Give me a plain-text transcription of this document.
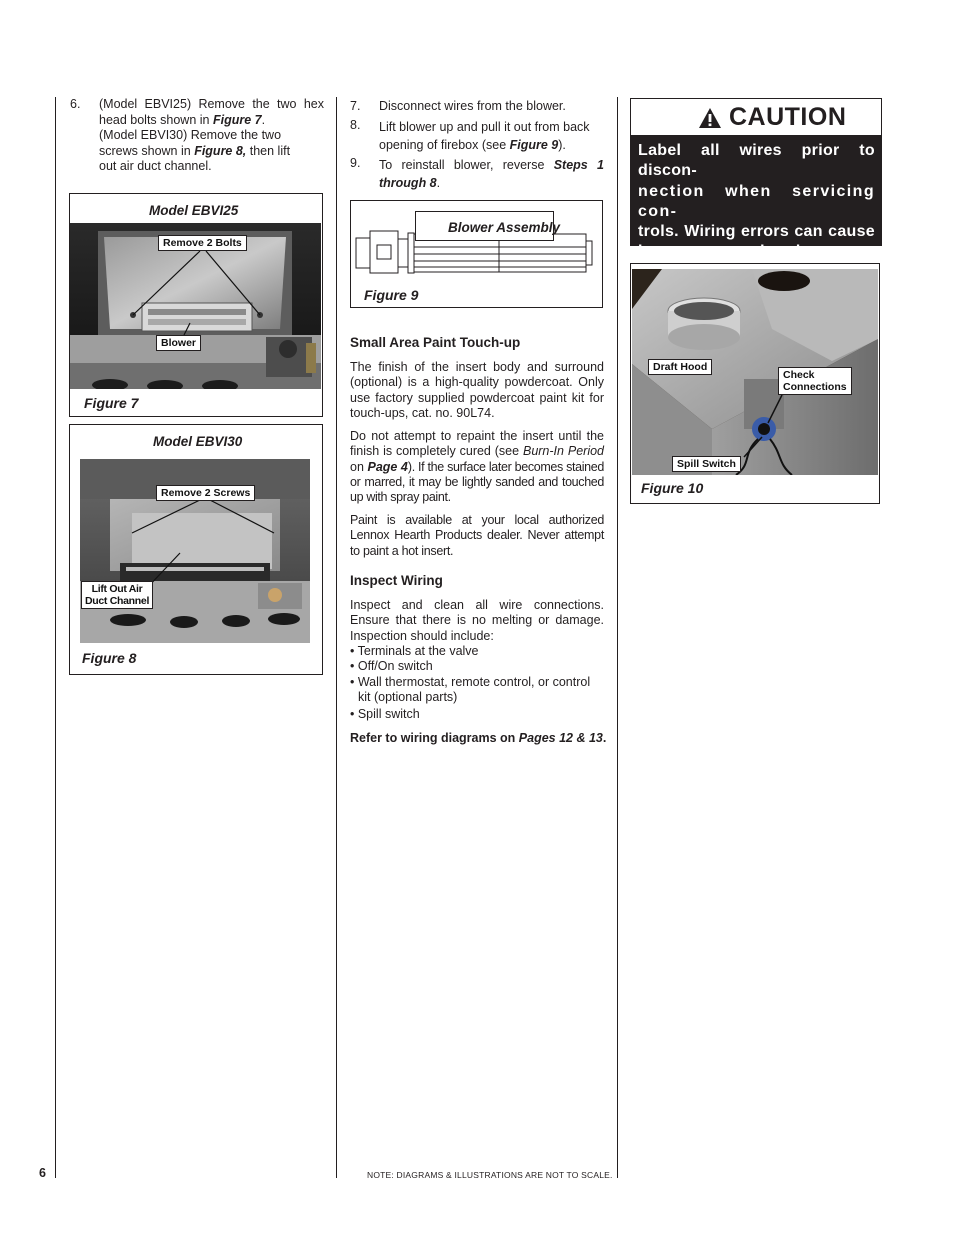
6. (Model EBVI25) Remove the two hex
head bolts shown in Figure 7.
(Model EBVI30) Remove the two
screws shown in Figure 8, then lift
out air duct channel.
Model EBVI25
Remove 2 Bolts
Blower
Figure 7
Model EBVI30
Remove 2 Screws
Lift Out Air
Duct Channel
Figure 8
7. Disconnect wires from the blower.
8. Lift blower up and pull it out from back
opening of firebox (see Figure 9).
9. To reinstall blower, reverse Steps 1
through 8.
Blower Assembly
Figure 9
Small Area Paint Touch-up
The finish of the insert body and surround (optional) is a high-quality powdercoat. Only use factory supplied powdercoat paint kit for touch-ups, cat. no. 90L74.
Do not attempt to repaint the insert until the finish is completely cured (see Burn-In Period on Page 4). If the surface later becomes stained or marred, it may be lightly sanded and touched up with spray paint.
Paint is available at your local authorized Lennox Hearth Products dealer. Never attempt to paint a hot insert.
Inspect Wiring
Inspect and clean all wire connections. Ensure that there is no melting or damage. Inspection should include:
• Terminals at the valve
• Off/On switch
• Wall thermostat, remote control, or control
kit (optional parts)
• Spill switch
Refer to wiring diagrams on Pages 12 & 13.
CAUTION
Label all wires prior to discon-
nection when servicing con-
trols. Wiring errors can cause
improper and dangerous
Draft Hood
Check
Connections
Spill Switch
Figure 10
6	NOTE: DIAGRAMS & ILLUSTRATIONS ARE NOT TO SCALE.
